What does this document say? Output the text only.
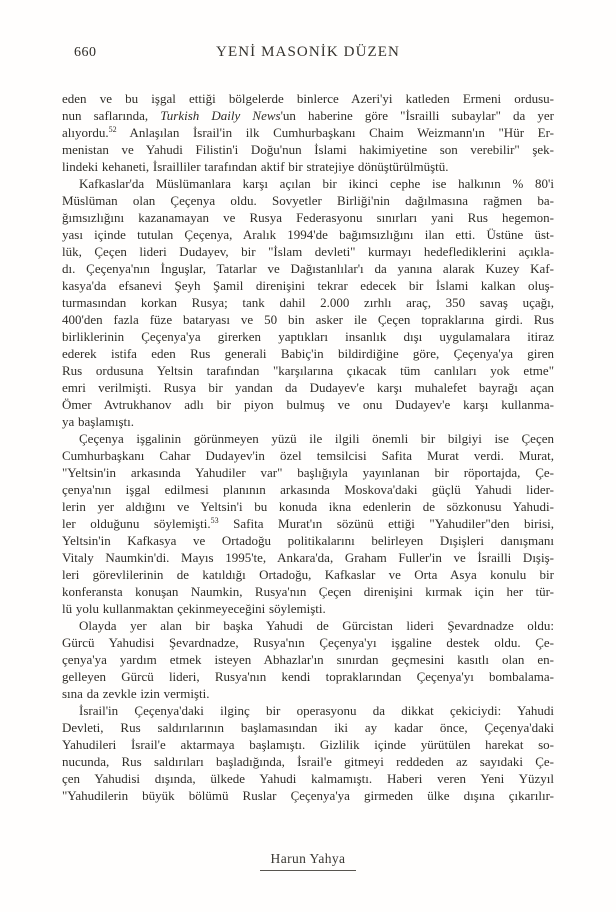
660	YENİ MASONİK DÜZEN
eden ve bu işgal ettiği bölgelerde binlerce Azeri'yi katleden Ermeni ordusu-
nun saflarında, Turkish Daily News'un haberine göre "İsrailli subaylar" da yer
alıyordu.$^{52}$ Anlaşılan İsrail'in ilk Cumhurbaşkanı Chaim Weizmann'ın "Hür Er-
menistan ve Yahudi Filistin'i Doğu'nun İslami hakimiyetine son verebilir" şek-
lindeki kehaneti, İsrailliler tarafından aktif bir stratejiye dönüştürülmüştü.
Kafkaslar'da Müslümanlara karşı açılan bir ikinci cephe ise halkının % 80'i
Müslüman olan Çeçenya oldu. Sovyetler Birliği'nin dağılmasına rağmen ba-
ğımsızlığını kazanamayan ve Rusya Federasyonu sınırları yani Rus hegemon-
yası içinde tutulan Çeçenya, Aralık 1994'de bağımsızlığını ilan etti. Üstüne üst-
lük, Çeçen lideri Dudayev, bir "İslam devleti" kurmayı hedeflediklerini açıkla-
dı. Çeçenya'nın İnguşlar, Tatarlar ve Dağıstanlılar'ı da yanına alarak Kuzey Kaf-
kasya'da efsanevi Şeyh Şamil direnişini tekrar edecek bir İslami kalkan oluş-
turmasından korkan Rusya; tank dahil 2.000 zırhlı araç, 350 savaş uçağı,
400'den fazla füze bataryası ve 50 bin asker ile Çeçen topraklarına girdi. Rus
birliklerinin Çeçenya'ya girerken yaptıkları insanlık dışı uygulamalara itiraz
ederek istifa eden Rus generali Babiç'in bildirdiğine göre, Çeçenya'ya giren
Rus ordusuna Yeltsin tarafından "karşılarına çıkacak tüm canlıları yok etme"
emri verilmişti. Rusya bir yandan da Dudayev'e karşı muhalefet bayrağı açan
Ömer Avtrukhanov adlı bir piyon bulmuş ve onu Dudayev'e karşı kullanma-
ya başlamıştı.
Çeçenya işgalinin görünmeyen yüzü ile ilgili önemli bir bilgiyi ise Çeçen
Cumhurbaşkanı Cahar Dudayev'in özel temsilcisi Safita Murat verdi. Murat,
"Yeltsin'in arkasında Yahudiler var" başlığıyla yayınlanan bir röportajda, Çe-
çenya'nın işgal edilmesi planının arkasında Moskova'daki güçlü Yahudi lider-
lerin yer aldığını ve Yeltsin'i bu konuda ikna edenlerin de sözkonusu Yahudi-
ler olduğunu söylemişti.$^{53}$ Safita Murat'ın sözünü ettiği "Yahudiler"den birisi,
Yeltsin'in Kafkasya ve Ortadoğu politikalarını belirleyen Dışişleri danışmanı
Vitaly Naumkin'di. Mayıs 1995'te, Ankara'da, Graham Fuller'in ve İsrailli Dışiş-
leri görevlilerinin de katıldığı Ortadoğu, Kafkaslar ve Orta Asya konulu bir
konferansta konuşan Naumkin, Rusya'nın Çeçen direnişini kırmak için her tür-
lü yolu kullanmaktan çekinmeyeceğini söylemişti.
Olayda yer alan bir başka Yahudi de Gürcistan lideri Şevardnadze oldu:
Gürcü Yahudisi Şevardnadze, Rusya'nın Çeçenya'yı işgaline destek oldu. Çe-
çenya'ya yardım etmek isteyen Abhazlar'ın sınırdan geçmesini kasıtlı olan en-
gelleyen Gürcü lideri, Rusya'nın kendi topraklarından Çeçenya'yı bombalama-
sına da zevkle izin vermişti.
İsrail'in Çeçenya'daki ilginç bir operasyonu da dikkat çekiciydi: Yahudi
Devleti, Rus saldırılarının başlamasından iki ay kadar önce, Çeçenya'daki
Yahudileri İsrail'e aktarmaya başlamıştı. Gizlilik içinde yürütülen harekat so-
nucunda, Rus saldırıları başladığında, İsrail'e gitmeyi reddeden az sayıdaki Çe-
çen Yahudisi dışında, ülkede Yahudi kalmamıştı. Haberi veren Yeni Yüzyıl
"Yahudilerin büyük bölümü Ruslar Çeçenya'ya girmeden ülke dışına çıkarılır-
Harun Yahya
